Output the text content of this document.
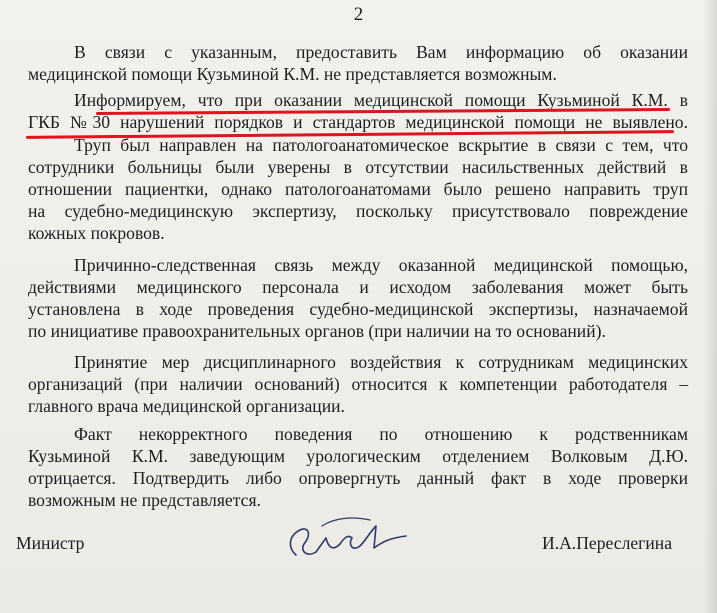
2
В связи с указанным, предоставить Вам информацию об оказании
медицинской помощи Кузьминой К.М. не представляется возможным.
Информируем, что при оказании медицинской помощи Кузьминой К.М. в
ГКБ №30 нарушений порядков и стандартов медицинской помощи не выявлено.
Труп был направлен на патологоанатомическое вскрытие в связи с тем, что
сотрудники больницы были уверены в отсутствии насильственных действий в
отношении пациентки, однако патологоанатомами было решено направить труп
на судебно-медицинскую экспертизу, поскольку присутствовало повреждение
кожных покровов.
Причинно-следственная связь между оказанной медицинской помощью,
действиями медицинского персонала и исходом заболевания может быть
установлена в ходе проведения судебно-медицинской экспертизы, назначаемой
по инициативе правоохранительных органов (при наличии на то оснований).
Принятие мер дисциплинарного воздействия к сотрудникам медицинских
организаций (при наличии оснований) относится к компетенции работодателя –
главного врача медицинской организации.
Факт некорректного поведения по отношению к родственникам
Кузьминой К.М. заведующим урологическим отделением Волковым Д.Ю.
отрицается. Подтвердить либо опровергнуть данный факт в ходе проверки
возможным не представляется.
Министр	И.А.Переслегина
